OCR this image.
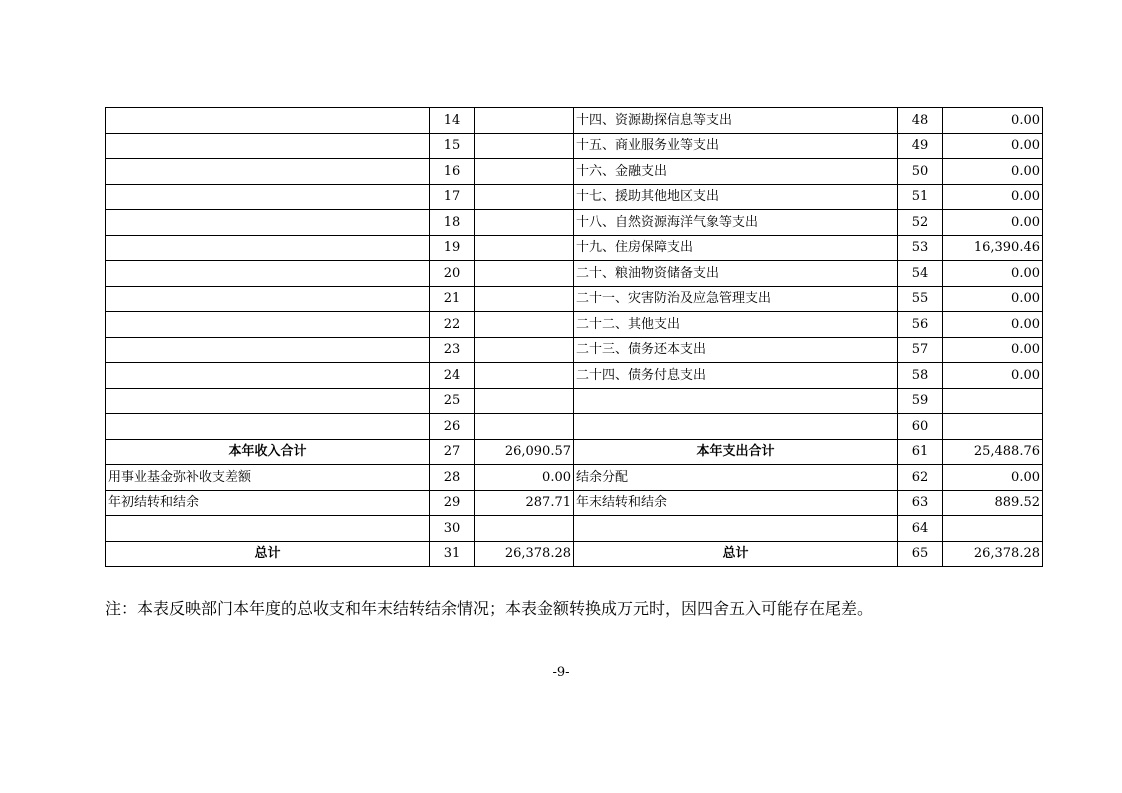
	14		十四、资源勘探信息等支出	48	0.00
	15		十五、商业服务业等支出	49	0.00
	16		十六、金融支出	50	0.00
	17		十七、援助其他地区支出	51	0.00
	18		十八、自然资源海洋气象等支出	52	0.00
	19		十九、住房保障支出	53	16,390.46
	20		二十、粮油物资储备支出	54	0.00
	21		二十一、灾害防治及应急管理支出	55	0.00
	22		二十二、其他支出	56	0.00
	23		二十三、债务还本支出	57	0.00
	24		二十四、债务付息支出	58	0.00
	25			59	
	26			60	
本年收入合计	27	26,090.57	本年支出合计	61	25,488.76
用事业基金弥补收支差额	28	0.00	结余分配	62	0.00
年初结转和结余	29	287.71	年末结转和结余	63	889.52
	30			64	
总计	31	26,378.28	总计	65	26,378.28
注：本表反映部门本年度的总收支和年末结转结余情况；本表金额转换成万元时，因四舍五入可能存在尾差。
-9-
